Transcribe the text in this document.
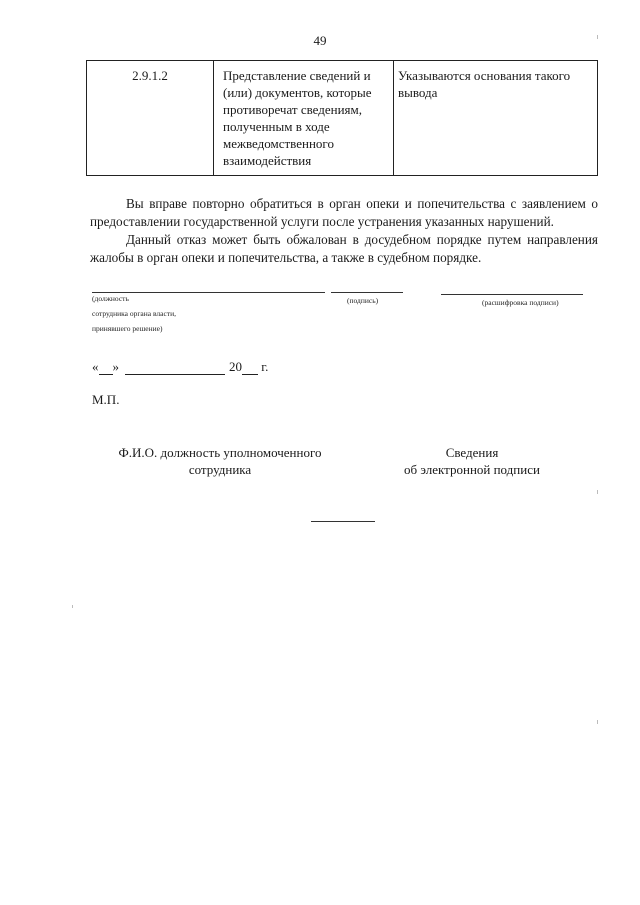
49
2.9.1.2	Представление сведений и (или) документов, которые противоречат сведениям, полученным в ходе межведомственного взаимодействия	Указываются основания такого вывода

Вы вправе повторно обратиться в орган опеки и попечительства с заявлением о предоставлении государственной услуги после устранения указанных нарушений.

Данный отказ может быть обжалован в досудебном порядке путем направления жалобы в орган опеки и попечительства, а также в судебном порядке.

(должность
сотрудника органа власти,
принявшего решение)
(подпись)	(расшифровка подписи)
« »	20 г.
М.П.
Ф.И.О. должность уполномоченного
сотрудника
Сведения
об электронной подписи
